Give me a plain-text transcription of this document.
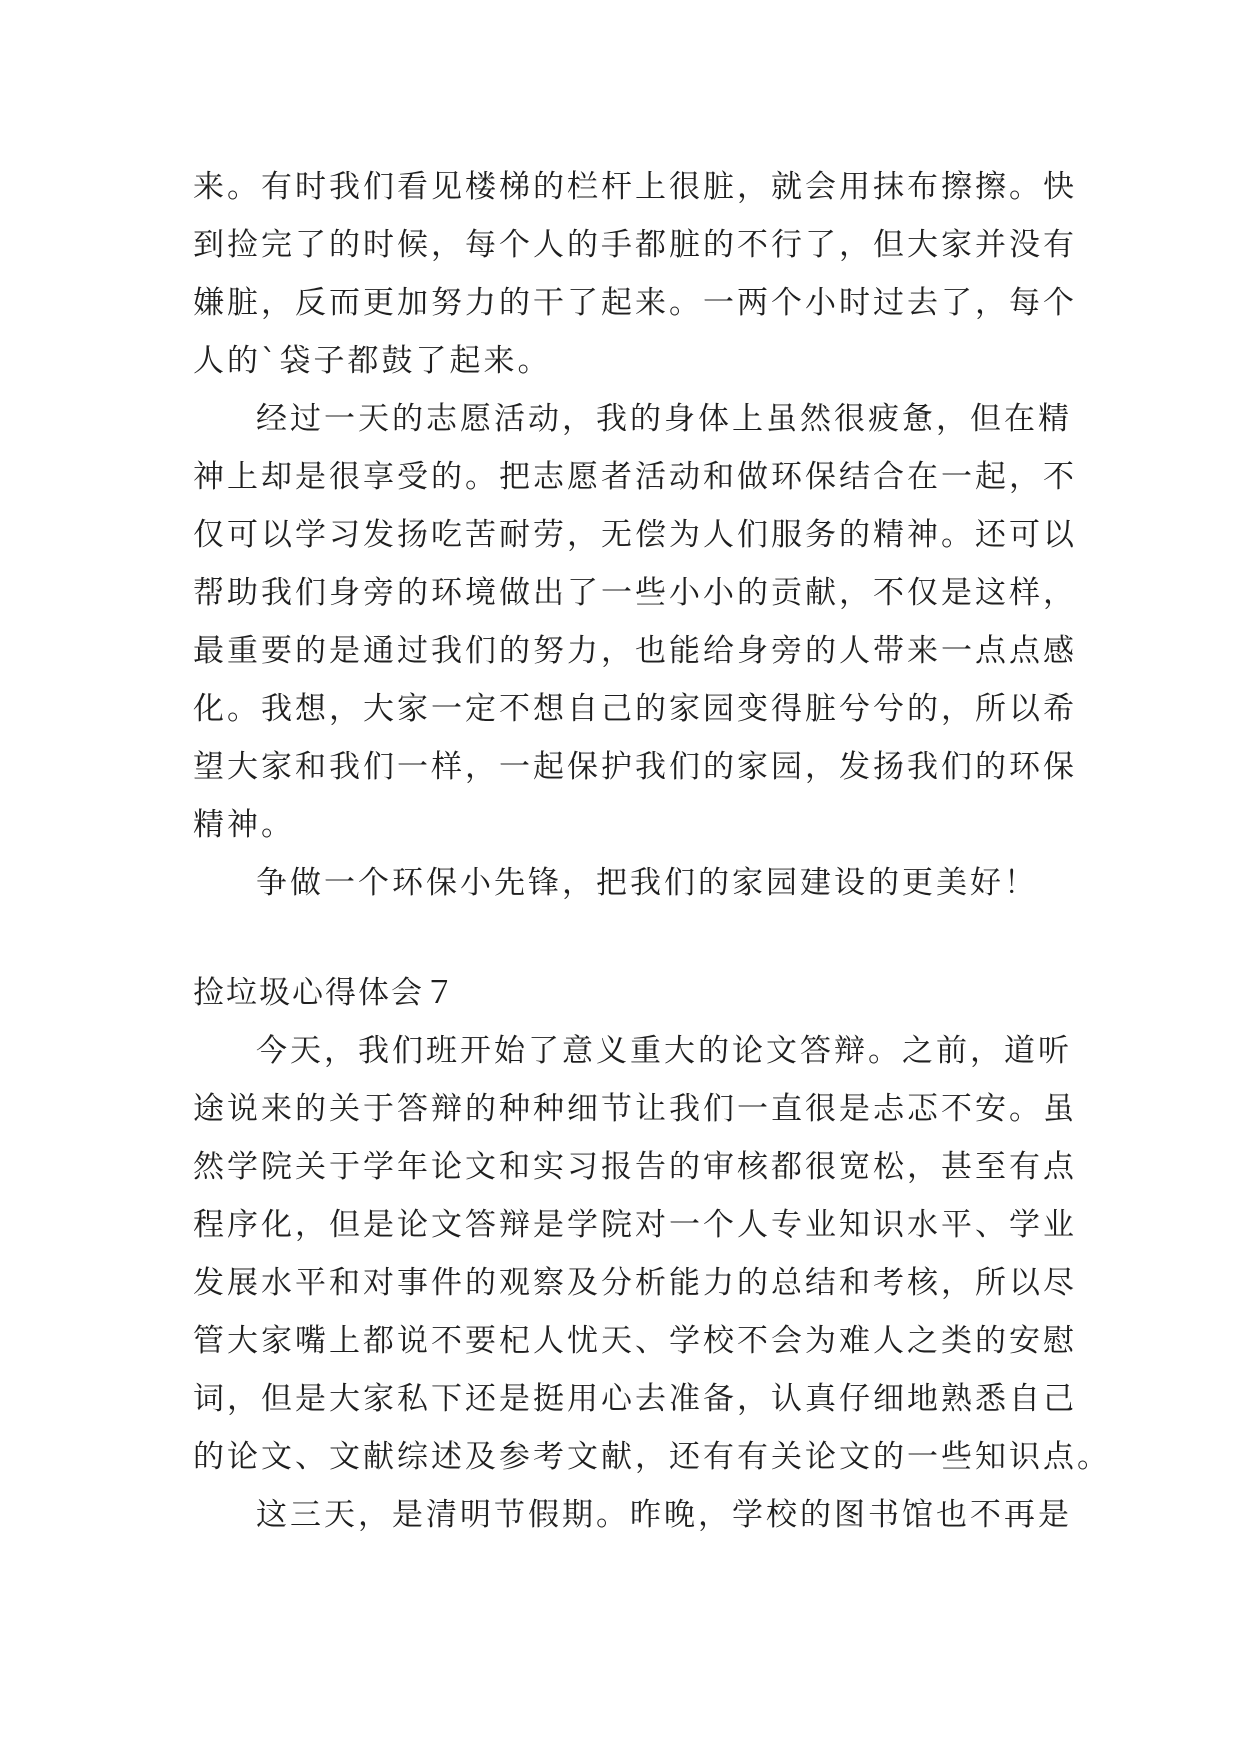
来。有时我们看见楼梯的栏杆上很脏，就会用抹布擦擦。快
到捡完了的时候，每个人的手都脏的不行了，但大家并没有
嫌脏，反而更加努力的干了起来。一两个小时过去了，每个
人的`袋子都鼓了起来。
经过一天的志愿活动，我的身体上虽然很疲惫，但在精
神上却是很享受的。把志愿者活动和做环保结合在一起，不
仅可以学习发扬吃苦耐劳，无偿为人们服务的精神。还可以
帮助我们身旁的环境做出了一些小小的贡献，不仅是这样，
最重要的是通过我们的努力，也能给身旁的人带来一点点感
化。我想，大家一定不想自己的家园变得脏兮兮的，所以希
望大家和我们一样，一起保护我们的家园，发扬我们的环保
精神。
争做一个环保小先锋，把我们的家园建设的更美好！
捡垃圾心得体会７
今天，我们班开始了意义重大的论文答辩。之前，道听
途说来的关于答辩的种种细节让我们一直很是忐忑不安。虽
然学院关于学年论文和实习报告的审核都很宽松，甚至有点
程序化，但是论文答辩是学院对一个人专业知识水平、学业
发展水平和对事件的观察及分析能力的总结和考核，所以尽
管大家嘴上都说不要杞人忧天、学校不会为难人之类的安慰
词，但是大家私下还是挺用心去准备，认真仔细地熟悉自己
的论文、文献综述及参考文献，还有有关论文的一些知识点。
这三天，是清明节假期。昨晚，学校的图书馆也不再是
